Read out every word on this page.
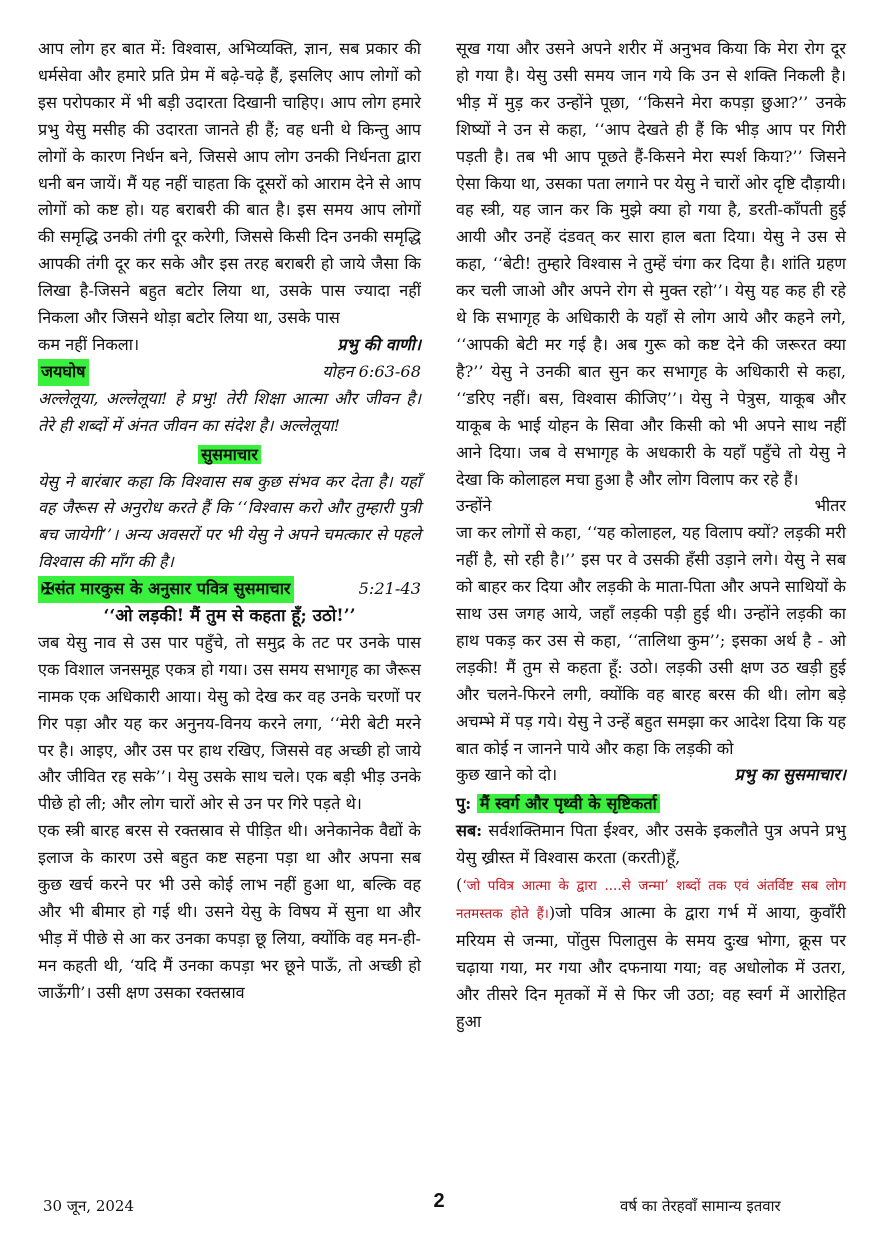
आप लोग हर बात में: विश्वास, अभिव्यक्ति, ज्ञान, सब प्रकार की धर्मसेवा और हमारे प्रति प्रेम में बढ़े-चढ़े हैं, इसलिए आप लोगों को इस परोपकार में भी बड़ी उदारता दिखानी चाहिए। आप लोग हमारे प्रभु येसु मसीह की उदारता जानते ही हैं; वह धनी थे किन्तु आप लोगों के कारण निर्धन बने, जिससे आप लोग उनकी निर्धनता द्वारा धनी बन जायें। मैं यह नहीं चाहता कि दूसरों को आराम देने से आप लोगों को कष्ट हो। यह बराबरी की बात है। इस समय आप लोगों की समृद्धि उनकी तंगी दूर करेगी, जिससे किसी दिन उनकी समृद्धि आपकी तंगी दूर कर सके और इस तरह बराबरी हो जाये जैसा कि लिखा है-जिसने बहुत बटोर लिया था, उसके पास ज्यादा नहीं निकला और जिसने थोड़ा बटोर लिया था, उसके पास

कम नहीं निकला।	प्रभु की वाणी।
जयघोष	योहन 6:63-68

अल्लेलूया, अल्लेलूया! हे प्रभु! तेरी शिक्षा आत्मा और जीवन है। तेरे ही शब्दों में अंनत जीवन का संदेश है। अल्लेलूया!

सुसमाचार

येसु ने बारंबार कहा कि विश्वास सब कुछ संभव कर देता है। यहाँ वह जैरूस से अनुरोध करते हैं कि ‘‘विश्वास करो और तुम्हारी पुत्री बच जायेगी’’। अन्य अवसरों पर भी येसु ने अपने चमत्कार से पहले विश्वास की माँग की है।

✠संत मारकुस के अनुसार पवित्र सुसमाचार	5:21-43
‘‘ओ लड़की! मैं तुम से कहता हूँ; उठो!’’

जब येसु नाव से उस पार पहुँचे, तो समुद्र के तट पर उनके पास एक विशाल जनसमूह एकत्र हो गया। उस समय सभागृह का जैरूस नामक एक अधिकारी आया। येसु को देख कर वह उनके चरणों पर गिर पड़ा और यह कर अनुनय-विनय करने लगा, ‘‘मेरी बेटी मरने पर है। आइए, और उस पर हाथ रखिए, जिससे वह अच्छी हो जाये और जीवित रह सके’’। येसु उसके साथ चले। एक बड़ी भीड़ उनके पीछे हो ली; और लोग चारों ओर से उन पर गिरे पड़ते थे।

एक स्त्री बारह बरस से रक्तस्राव से पीड़ित थी। अनेकानेक वैद्यों के इलाज के कारण उसे बहुत कष्ट सहना पड़ा था और अपना सब कुछ खर्च करने पर भी उसे कोई लाभ नहीं हुआ था, बल्कि वह और भी बीमार हो गई थी। उसने येसु के विषय में सुना था और भीड़ में पीछे से आ कर उनका कपड़ा छू लिया, क्योंकि वह मन-ही-मन कहती थी, ‘यदि मैं उनका कपड़ा भर छूने पाऊँ, तो अच्छी हो जाऊँगी’। उसी क्षण उसका रक्तस्राव

सूख गया और उसने अपने शरीर में अनुभव किया कि मेरा रोग दूर हो गया है। येसु उसी समय जान गये कि उन से शक्ति निकली है। भीड़ में मुड़ कर उन्होंने पूछा, ‘‘किसने मेरा कपड़ा छुआ?’’ उनके शिष्यों ने उन से कहा, ‘‘आप देखते ही हैं कि भीड़ आप पर गिरी पड़ती है। तब भी आप पूछते हैं-किसने मेरा स्पर्श किया?’’ जिसने ऐसा किया था, उसका पता लगाने पर येसु ने चारों ओर दृष्टि दौड़ायी। वह स्त्री, यह जान कर कि मुझे क्या हो गया है, डरती-काँपती हुई आयी और उनहें दंडवत् कर सारा हाल बता दिया। येसु ने उस से कहा, ‘‘बेटी! तुम्हारे विश्वास ने तुम्हें चंगा कर दिया है। शांति ग्रहण कर चली जाओ और अपने रोग से मुक्त रहो’’। येसु यह कह ही रहे थे कि सभागृह के अधिकारी के यहाँ से लोग आये और कहने लगे, ‘‘आपकी बेटी मर गई है। अब गुरू को कष्ट देने की जरूरत क्या है?’’ येसु ने उनकी बात सुन कर सभागृह के अधिकारी से कहा, ‘‘डरिए नहीं। बस, विश्वास कीजिए’’। येसु ने पेत्रुस, याकूब और याकूब के भाई योहन के सिवा और किसी को भी अपने साथ नहीं आने दिया। जब वे सभागृह के अधकारी के यहाँ पहुँचे तो येसु ने देखा कि कोलाहल मचा हुआ है और लोग विलाप कर रहे हैं।

उन्होंने	भीतर

जा कर लोगों से कहा, ‘‘यह कोलाहल, यह विलाप क्यों? लड़की मरी नहीं है, सो रही है।’’ इस पर वे उसकी हँसी उड़ाने लगे। येसु ने सब को बाहर कर दिया और लड़की के माता-पिता और अपने साथियों के साथ उस जगह आये, जहाँ लड़की पड़ी हुई थी। उन्होंने लड़की का हाथ पकड़ कर उस से कहा, ‘‘तालिथा कुम’’; इसका अर्थ है - ओ लड़की! मैं तुम से कहता हूँ: उठो। लड़की उसी क्षण उठ खड़ी हुई और चलने-फिरने लगी, क्योंकि वह बारह बरस की थी। लोग बड़े अचम्भे में पड़ गये। येसु ने उन्हें बहुत समझा कर आदेश दिया कि यह बात कोई न जानने पाये और कहा कि लड़की को

कुछ खाने को दो।	प्रभु का सुसमाचार।
पु: मैं स्वर्ग और पृथ्वी के सृष्टिकर्ता

सब: सर्वशक्तिमान पिता ईश्वर, और उसके इकलौते पुत्र अपने प्रभु येसु ख्रीस्त में विश्वास करता (करती)हूँ,

(‘जो पवित्र आत्मा के द्वारा ....से जन्मा’ शब्दों तक एवं अंतर्विष्ट सब लोग नतमस्तक होते हैं।)जो पवित्र आत्मा के द्वारा गर्भ में आया, कुवाँरी मरियम से जन्मा, पोंतुस पिलातुस के समय दुःख भोगा, क्रूस पर चढ़ाया गया, मर गया और दफनाया गया; वह अधोलोक में उतरा, और तीसरे दिन मृतकों में से फिर जी उठा; वह स्वर्ग में आरोहित हुआ

30 जून, 2024	2	वर्ष का तेरहवाँ सामान्य इतवार
